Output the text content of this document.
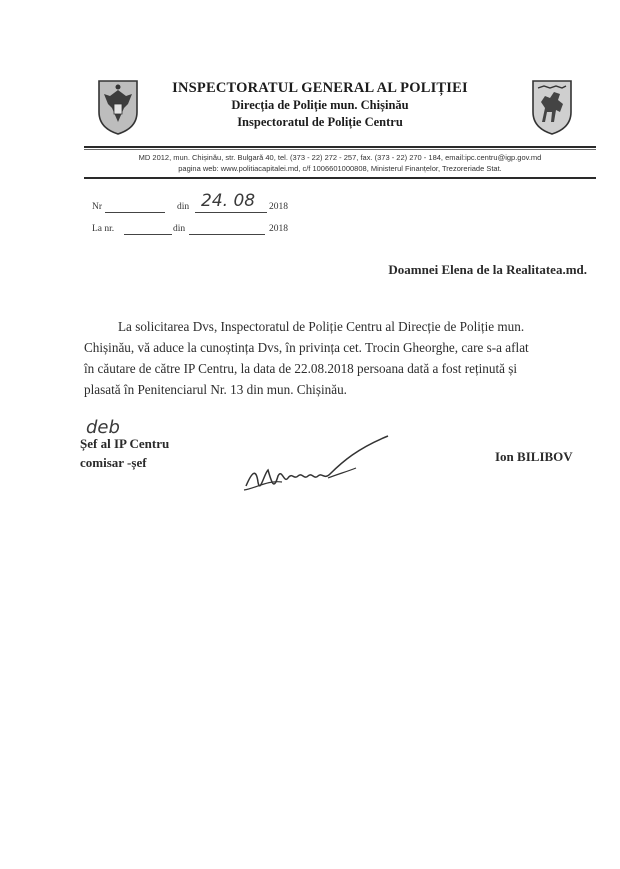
INSPECTORATUL GENERAL AL POLIȚIEI
Direcția de Poliție mun. Chișinău
Inspectoratul de Poliție Centru
MD 2012, mun. Chișinău, str. Bulgară 40, tel. (373 - 22) 272 - 257, fax. (373 - 22) 270 - 184, email:ipc.centru@igp.gov.md
pagina web: www.politiacapitalei.md, c/f 1006601000808, Ministerul Finanțelor, Trezoreriade Stat.
Nr	din 24. 08 2018
La nr.	din	2018
Doamnei Elena de la Realitatea.md.
La solicitarea Dvs, Inspectoratul de Poliție Centru al Direcție de Poliție mun.
Chișinău, vă aduce la cunoștința Dvs, în privința cet. Trocin Gheorghe, care s-a aflat
în căutare de către IP Centru, la data de 22.08.2018 persoana dată a fost reținută și
plasată în Penitenciarul Nr. 13 din mun. Chișinău.
deb
Șef al IP Centru
comisar -șef	Ion BILIBOV
